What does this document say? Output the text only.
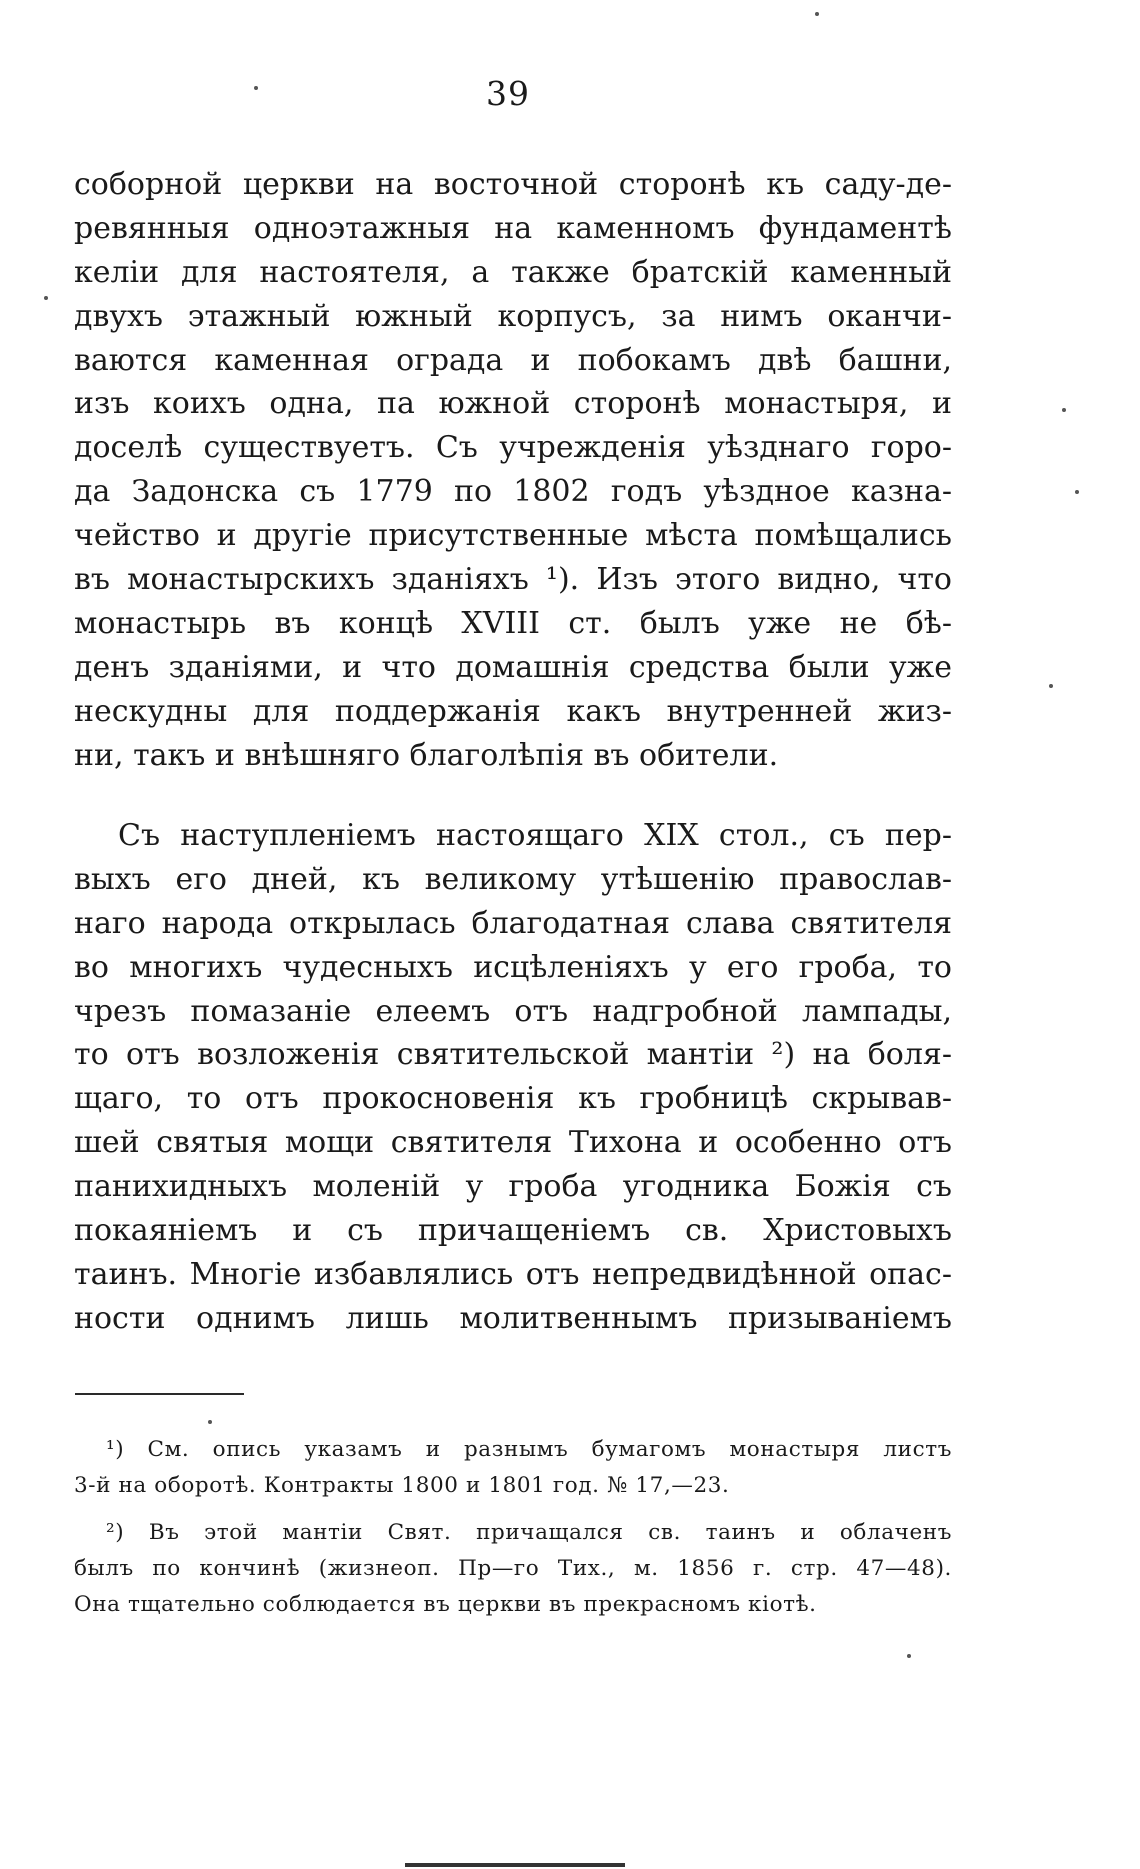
39
соборной церкви на восточной сторонѣ къ саду-де-
ревянныя одноэтажныя на каменномъ фундаментѣ
келiи для настоятеля, а также братскiй каменный
двухъ этажный южный корпусъ, за нимъ оканчи-
ваются каменная ограда и побокамъ двѣ башни,
изъ коихъ одна, па южной сторонѣ монастыря, и
доселѣ существуетъ. Съ учрежденiя уѣзднаго горо-
да Задонска съ 1779 по 1802 годъ уѣздное казна-
чейство и другiе присутственные мѣста помѣщались
въ монастырскихъ зданiяхъ ¹). Изъ этого видно, что
монастырь въ концѣ XVIII ст. былъ уже не бѣ-
денъ зданiями, и что домашнiя средства были уже
нескудны для поддержанiя какъ внутренней жиз-
ни, такъ и внѣшняго благолѣпiя въ обители.
Съ наступленiемъ настоящаго XIX стол., съ пер-
выхъ его дней, къ великому утѣшенiю православ-
наго народа открылась благодатная слава святителя
во многихъ чудесныхъ исцѣленiяхъ у его гроба, то
чрезъ помазанiе елеемъ отъ надгробной лампады,
то отъ возложенiя святительской мантiи ²) на боля-
щаго, то отъ прокосновенiя къ гробницѣ скрывав-
шей святыя мощи святителя Тихона и особенно отъ
панихидныхъ моленiй у гроба угодника Божiя съ
покаянiемъ и съ причащенiемъ св. Христовыхъ
таинъ. Многiе избавлялись отъ непредвидѣнной опас-
ности однимъ лишь молитвеннымъ призыванiемъ
¹) См. опись указамъ и разнымъ бумагомъ монастыря листъ
3-й на оборотѣ. Контракты 1800 и 1801 год. № 17,—23.
²) Въ этой мантiи Свят. причащался св. таинъ и облаченъ
былъ по кончинѣ (жизнеоп. Пр—го Тих., м. 1856 г. стр. 47—48).
Она тщательно соблюдается въ церкви въ прекрасномъ кiотѣ.
